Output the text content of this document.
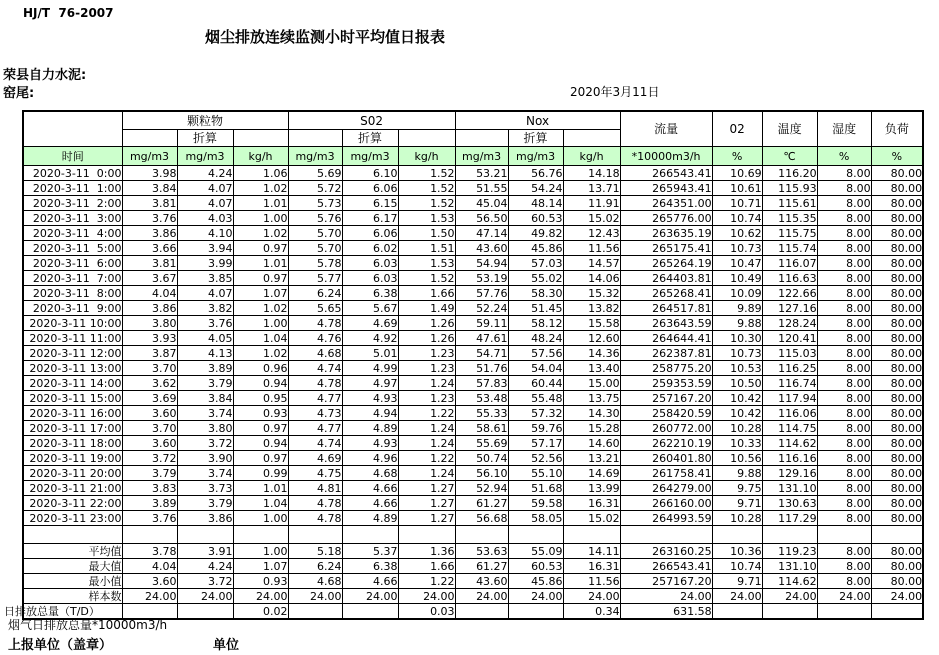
HJ/T  76-2007
烟尘排放连续监测小时平均值日报表
荣县自力水泥:
窑尾:	2020年3月11日
	颗粒物			S02			Nox			流量	02	温度	湿度	负荷
		折算			折算			折算						
时间	mg/m3	mg/m3	kg/h	mg/m3	mg/m3	kg/h	mg/m3	mg/m3	kg/h	*10000m3/h	%	℃	%	%
2020-3-11  0:00	3.98	4.24	1.06	5.69	6.10	1.52	53.21	56.76	14.18	266543.41	10.69	116.20	8.00	80.00
2020-3-11  1:00	3.84	4.07	1.02	5.72	6.06	1.52	51.55	54.24	13.71	265943.41	10.61	115.93	8.00	80.00
2020-3-11  2:00	3.81	4.07	1.01	5.73	6.15	1.52	45.04	48.14	11.91	264351.00	10.71	115.61	8.00	80.00
2020-3-11  3:00	3.76	4.03	1.00	5.76	6.17	1.53	56.50	60.53	15.02	265776.00	10.74	115.35	8.00	80.00
2020-3-11  4:00	3.86	4.10	1.02	5.70	6.06	1.50	47.14	49.82	12.43	263635.19	10.62	115.75	8.00	80.00
2020-3-11  5:00	3.66	3.94	0.97	5.70	6.02	1.51	43.60	45.86	11.56	265175.41	10.73	115.74	8.00	80.00
2020-3-11  6:00	3.81	3.99	1.01	5.78	6.03	1.53	54.94	57.03	14.57	265264.19	10.47	116.07	8.00	80.00
2020-3-11  7:00	3.67	3.85	0.97	5.77	6.03	1.52	53.19	55.02	14.06	264403.81	10.49	116.63	8.00	80.00
2020-3-11  8:00	4.04	4.07	1.07	6.24	6.38	1.66	57.76	58.30	15.32	265268.41	10.09	122.66	8.00	80.00
2020-3-11  9:00	3.86	3.82	1.02	5.65	5.67	1.49	52.24	51.45	13.82	264517.81	9.89	127.16	8.00	80.00
2020-3-11 10:00	3.80	3.76	1.00	4.78	4.69	1.26	59.11	58.12	15.58	263643.59	9.88	128.24	8.00	80.00
2020-3-11 11:00	3.93	4.05	1.04	4.76	4.92	1.26	47.61	48.24	12.60	264644.41	10.30	120.41	8.00	80.00
2020-3-11 12:00	3.87	4.13	1.02	4.68	5.01	1.23	54.71	57.56	14.36	262387.81	10.73	115.03	8.00	80.00
2020-3-11 13:00	3.70	3.89	0.96	4.74	4.99	1.23	51.76	54.04	13.40	258775.20	10.53	116.25	8.00	80.00
2020-3-11 14:00	3.62	3.79	0.94	4.78	4.97	1.24	57.83	60.44	15.00	259353.59	10.50	116.74	8.00	80.00
2020-3-11 15:00	3.69	3.84	0.95	4.77	4.93	1.23	53.48	55.48	13.75	257167.20	10.42	117.94	8.00	80.00
2020-3-11 16:00	3.60	3.74	0.93	4.73	4.94	1.22	55.33	57.32	14.30	258420.59	10.42	116.06	8.00	80.00
2020-3-11 17:00	3.70	3.80	0.97	4.77	4.89	1.24	58.61	59.76	15.28	260772.00	10.28	114.75	8.00	80.00
2020-3-11 18:00	3.60	3.72	0.94	4.74	4.93	1.24	55.69	57.17	14.60	262210.19	10.33	114.62	8.00	80.00
2020-3-11 19:00	3.72	3.90	0.97	4.69	4.96	1.22	50.74	52.56	13.21	260401.80	10.56	116.16	8.00	80.00
2020-3-11 20:00	3.79	3.74	0.99	4.75	4.68	1.24	56.10	55.10	14.69	261758.41	9.88	129.16	8.00	80.00
2020-3-11 21:00	3.83	3.73	1.01	4.81	4.66	1.27	52.94	51.68	13.99	264279.00	9.75	131.10	8.00	80.00
2020-3-11 22:00	3.89	3.79	1.04	4.78	4.66	1.27	61.27	59.58	16.31	266160.00	9.71	130.63	8.00	80.00
2020-3-11 23:00	3.76	3.86	1.00	4.78	4.89	1.27	56.68	58.05	15.02	264993.59	10.28	117.29	8.00	80.00

平均值	3.78	3.91	1.00	5.18	5.37	1.36	53.63	55.09	14.11	263160.25	10.36	119.23	8.00	80.00
最大值	4.04	4.24	1.07	6.24	6.38	1.66	61.27	60.53	16.31	266543.41	10.74	131.10	8.00	80.00
最小值	3.60	3.72	0.93	4.68	4.66	1.22	43.60	45.86	11.56	257167.20	9.71	114.62	8.00	80.00
样本数	24.00	24.00	24.00	24.00	24.00	24.00	24.00	24.00	24.00	24.00	24.00	24.00	24.00	24.00
日排放总量（T/D）			0.02			0.03			0.34	631.58				
烟气日排放总量*10000m3/h
上报单位（盖章）	单位
